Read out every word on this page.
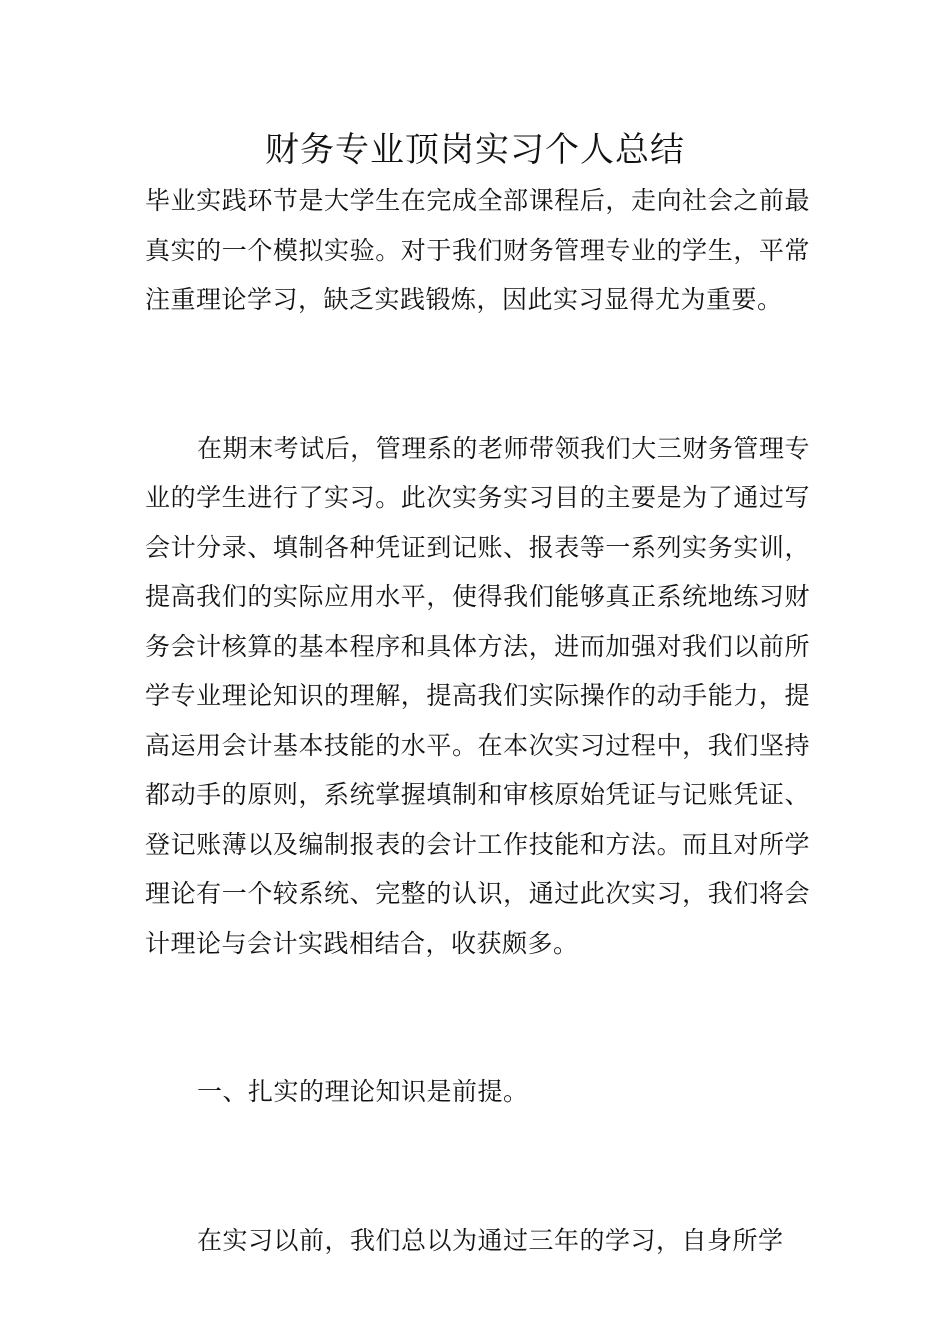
财务专业顶岗实习个人总结

毕业实践环节是大学生在完成全部课程后，走向社会之前最真实的一个模拟实验。对于我们财务管理专业的学生，平常注重理论学习，缺乏实践锻炼，因此实习显得尤为重要。

在期末考试后，管理系的老师带领我们大三财务管理专业的学生进行了实习。此次实务实习目的主要是为了通过写会计分录、填制各种凭证到记账、报表等一系列实务实训，提高我们的实际应用水平，使得我们能够真正系统地练习财务会计核算的基本程序和具体方法，进而加强对我们以前所学专业理论知识的理解，提高我们实际操作的动手能力，提高运用会计基本技能的水平。在本次实习过程中，我们坚持都动手的原则，系统掌握填制和审核原始凭证与记账凭证、登记账薄以及编制报表的会计工作技能和方法。而且对所学理论有一个较系统、完整的认识，通过此次实习，我们将会计理论与会计实践相结合，收获颇多。

一、扎实的理论知识是前提。

在实习以前，我们总以为通过三年的学习，自身所学
